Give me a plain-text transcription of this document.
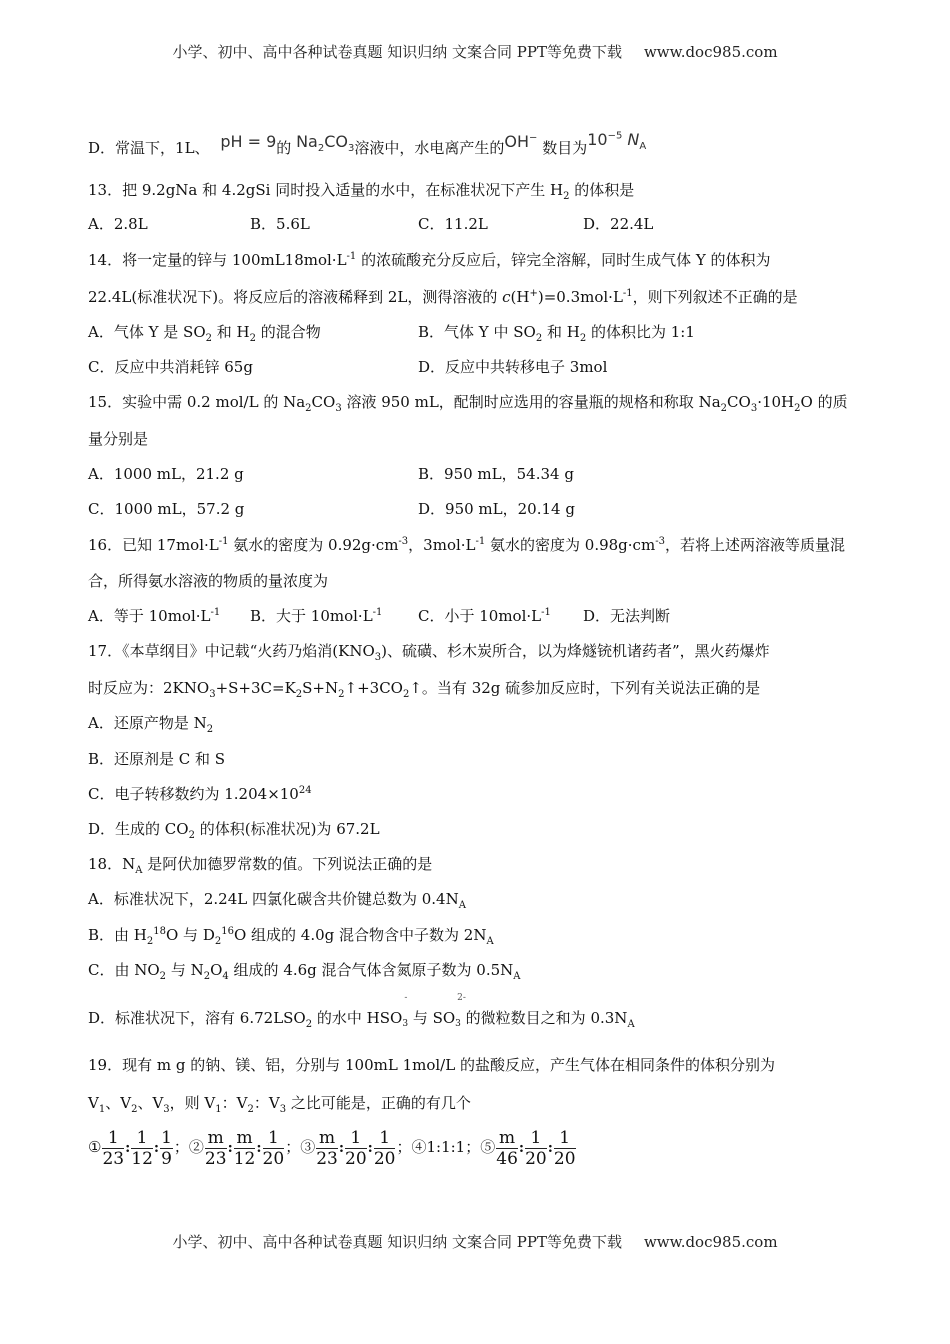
小学、初中、高中各种试卷真题 知识归纳 文案合同 PPT等免费下载 www.doc985.com
D．常温下，1L、 pH = 9的 $Na_2CO_3$溶液中，水电离产生的OH− 数目为$10^{-5}$ $N_A$
13．把 9.2gNa 和 4.2gSi 同时投入适量的水中，在标准状况下产生 $H_2$ 的体积是
A．2.8L	B．5.6L	C．11.2L	D．22.4L
14．将一定量的锌与 $100mL18mol\cdot L^{-1}$ 的浓硫酸充分反应后，锌完全溶解，同时生成气体 Y 的体积为
22.4L(标准状况下)。将反应后的溶液稀释到 2L，测得溶液的 $c(H^+)=0.3mol\cdot L^{-1}$，则下列叙述不正确的是
A．气体 Y 是 $SO_2$ 和 $H_2$ 的混合物	B．气体 Y 中 $SO_2$ 和 $H_2$ 的体积比为 1:1
C．反应中共消耗锌 65g	D．反应中共转移电子 3mol
15．实验中需 0.2 mol/L 的 $Na_2CO_3$ 溶液 950 mL，配制时应选用的容量瓶的规格和称取 $Na_2CO_3\cdot 10H_2O$ 的质
量分别是
A．1000 mL，21.2 g	B．950 mL，54.34 g
C．1000 mL，57.2 g	D．950 mL，20.14 g
16．已知 $17mol\cdot L^{-1}$ 氨水的密度为 $0.92g\cdot cm^{-3}$，$3mol\cdot L^{-1}$ 氨水的密度为 $0.98g\cdot cm^{-3}$，若将上述两溶液等质量混
合，所得氨水溶液的物质的量浓度为
A．等于 $10mol\cdot L^{-1}$ B．大于 $10mol\cdot L^{-1}$ C．小于 $10mol\cdot L^{-1}$ D．无法判断
17．《本草纲目》中记载“火药乃焰消$(KNO_3)$、硫磺、杉木炭所合，以为烽燧铳机诸药者”，黑火药爆炸
时反应为：$2KNO_3+S+3C=K_2S+N_2↑+3CO_2↑$。当有 32g 硫参加反应时，下列有关说法正确的是
A．还原产物是 $N_2$
B．还原剂是 C 和 S
C．电子转移数约为 $1.204\times 10^{24}$
D．生成的 $CO_2$ 的体积(标准状况)为 67.2L
18．$N_A$ 是阿伏加德罗常数的值。下列说法正确的是
A．标准状况下，2.24L 四氯化碳含共价键总数为 $0.4N_A$
B．由 $H_2^{18}O$ 与 $D_2^{16}O$ 组成的 4.0g 混合物含中子数为 $2N_A$
C．由 $NO_2$ 与 $N_2O_4$ 组成的 4.6g 混合气体含氮原子数为 $0.5N_A$
D．标准状况下，溶有 $6.72LSO_2$ 的水中 HSO
-
$_3$ 与 SO
2-
$_3$ 的微粒数目之和为 $0.3N_A$
19．现有 m g 的钠、镁、铝，分别与 100mL 1mol/L 的盐酸反应，产生气体在相同条件的体积分别为
$V_1$、$V_2$、$V_3$，则 $V_1$：$V_2$：$V_3$ 之比可能是，正确的有几个
① $\frac{1}{23}$ : $\frac{1}{12}$ : $\frac{1}{9}$ ；② $\frac{m}{23}$ : $\frac{m}{12}$ : $\frac{1}{20}$ ；③ $\frac{m}{23}$ : $\frac{1}{20}$ : $\frac{1}{20}$ ；④1:1:1；⑤ $\frac{m}{46}$ : $\frac{1}{20}$ : $\frac{1}{20}$
小学、初中、高中各种试卷真题 知识归纳 文案合同 PPT等免费下载 www.doc985.com
